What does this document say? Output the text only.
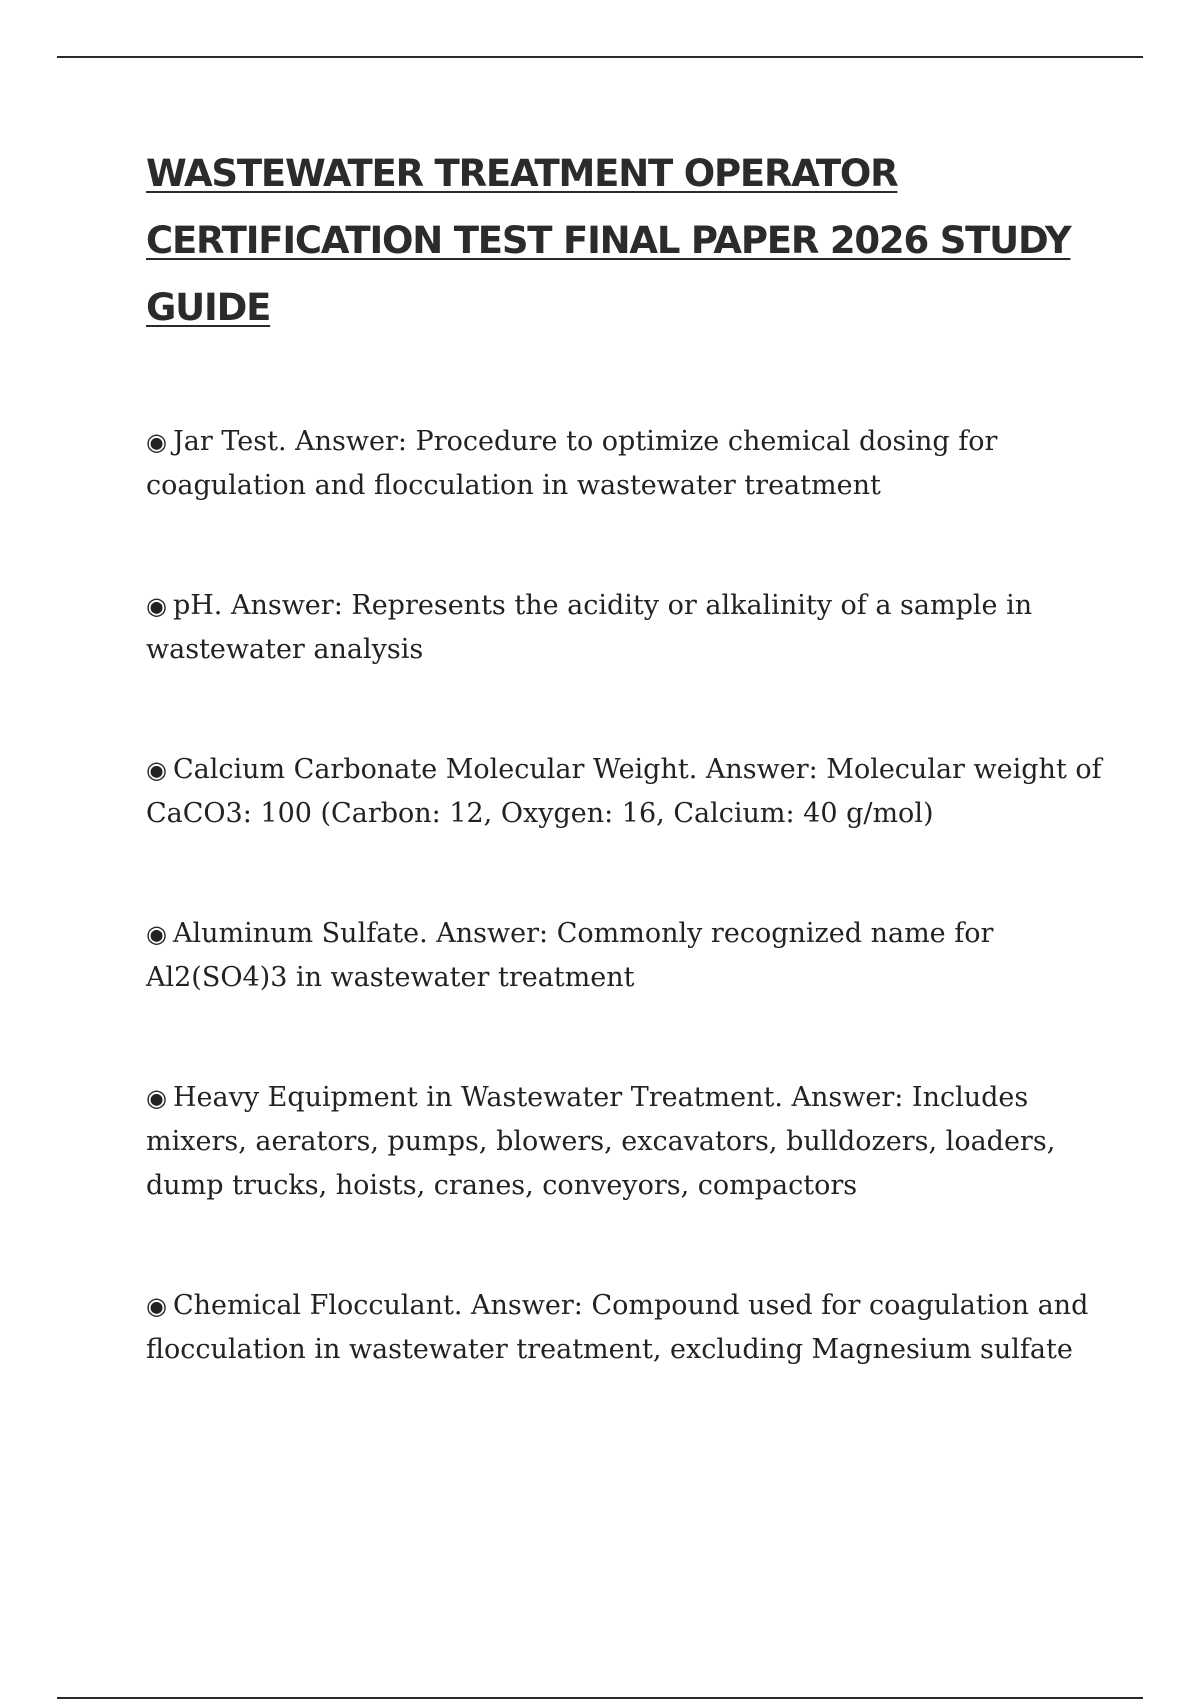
WASTEWATER TREATMENT OPERATOR CERTIFICATION TEST FINAL PAPER 2026 STUDY GUIDE
◉ Jar Test. Answer: Procedure to optimize chemical dosing for coagulation and flocculation in wastewater treatment
◉ pH. Answer: Represents the acidity or alkalinity of a sample in wastewater analysis
◉ Calcium Carbonate Molecular Weight. Answer: Molecular weight of CaCO3: 100 (Carbon: 12, Oxygen: 16, Calcium: 40 g/mol)
◉ Aluminum Sulfate. Answer: Commonly recognized name for Al2(SO4)3 in wastewater treatment
◉ Heavy Equipment in Wastewater Treatment. Answer: Includes mixers, aerators, pumps, blowers, excavators, bulldozers, loaders, dump trucks, hoists, cranes, conveyors, compactors
◉ Chemical Flocculant. Answer: Compound used for coagulation and flocculation in wastewater treatment, excluding Magnesium sulfate
